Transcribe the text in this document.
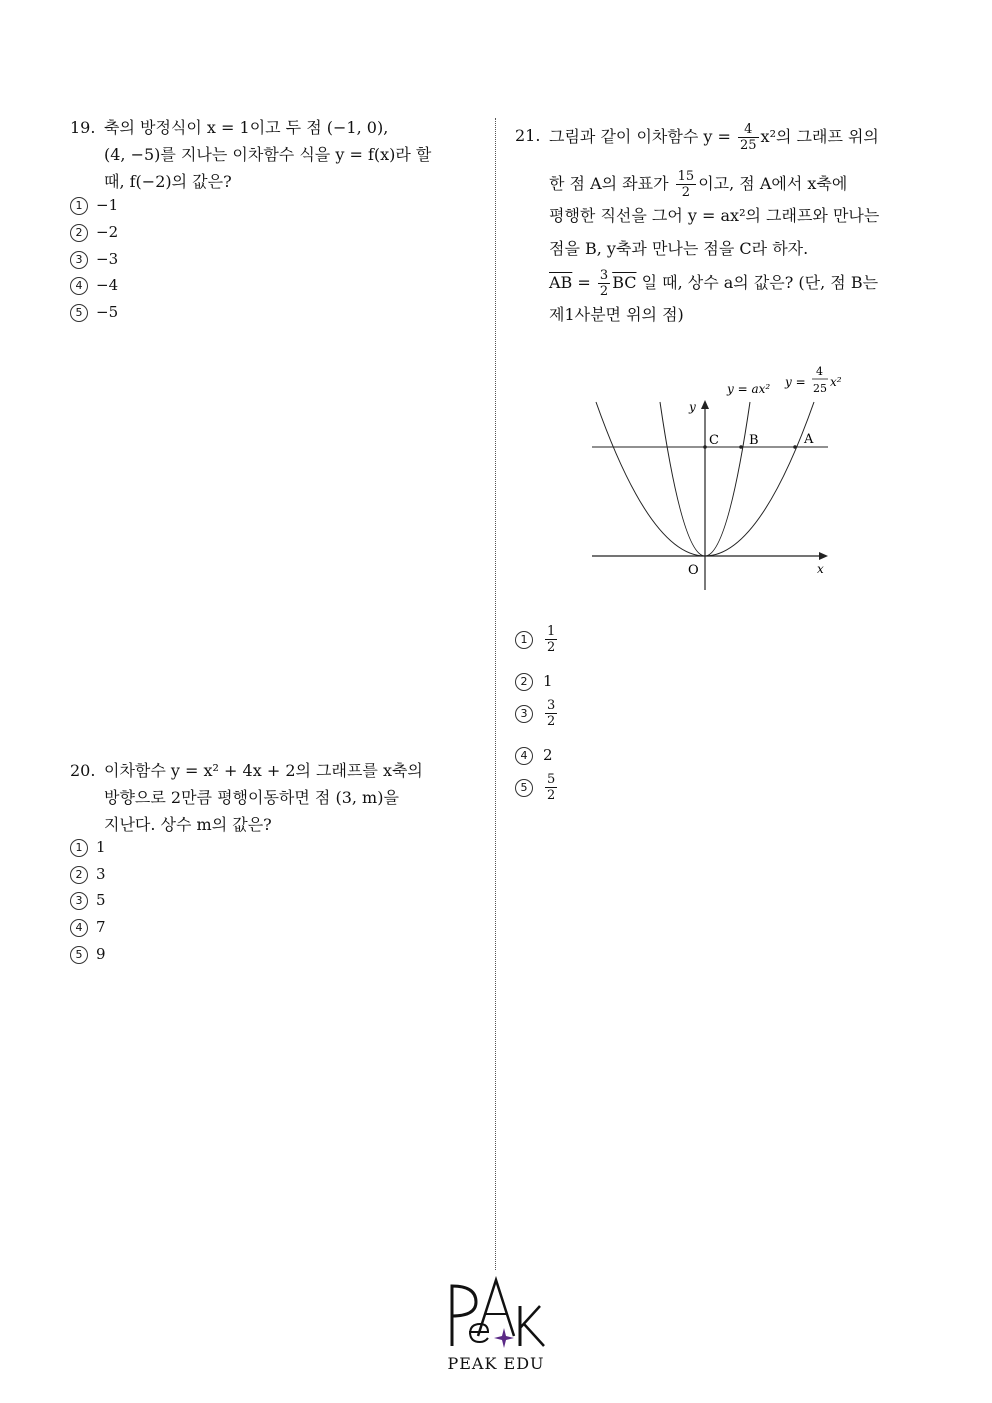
19. 축의 방정식이 x = 1이고 두 점 (−1, 0),
(4, −5)를 지나는 이차함수 식을 y = f(x)라 할
때, f(−2)의 값은?
1 −1
2 −2
3 −3
4 −4
5 −5
20. 이차함수 y = x² + 4x + 2의 그래프를 x축의
방향으로 2만큼 평행이동하면 점 (3, m)을
지난다. 상수 m의 값은?
1 1
2 3
3 5
4 7
5 9
21. 그림과 같이 이차함수 $y = \frac{4}{25} x^2$의 그래프 위의
한 점 A의 좌표가 $\frac{15}{2}$ 이고, 점 A에서 x축에
평행한 직선을 그어 y = ax²의 그래프와 만나는
점을 B, y축과 만나는 점을 C라 하자.
$\overline{AB} = \frac{3}{2} \overline{BC}$ 일 때, 상수 a의 값은? (단, 점 B는
제1사분면 위의 점)
C B	A
O	x
y
y = ax² y =
4
25 x²
$1 \frac{1}{2}$
2 1
$3 \frac{3}{2}$
4 2
$5 \frac{5}{2}$
PEAK EDU
